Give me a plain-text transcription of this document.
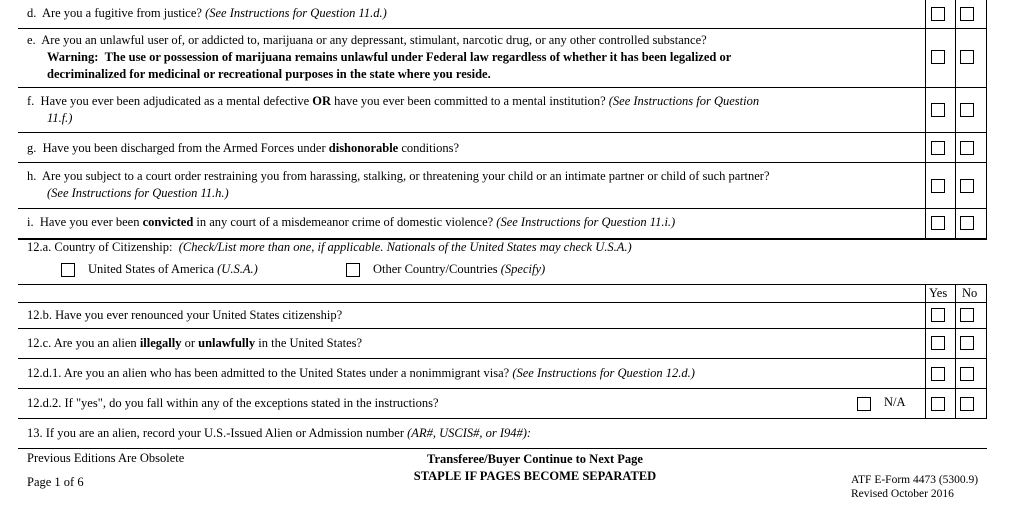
d. Are you a fugitive from justice? (See Instructions for Question 11.d.)
e. Are you an unlawful user of, or addicted to, marijuana or any depressant, stimulant, narcotic drug, or any other controlled substance?
Warning: The use or possession of marijuana remains unlawful under Federal law regardless of whether it has been legalized or
decriminalized for medicinal or recreational purposes in the state where you reside.
f. Have you ever been adjudicated as a mental defective OR have you ever been committed to a mental institution? (See Instructions for Question
11.f.)
g. Have you been discharged from the Armed Forces under dishonorable conditions?
h. Are you subject to a court order restraining you from harassing, stalking, or threatening your child or an intimate partner or child of such partner?
(See Instructions for Question 11.h.)
i. Have you ever been convicted in any court of a misdemeanor crime of domestic violence? (See Instructions for Question 11.i.)
12.a. Country of Citizenship: (Check/List more than one, if applicable. Nationals of the United States may check U.S.A.)
United States of America (U.S.A.)	Other Country/Countries (Specify)
Yes No
12.b. Have you ever renounced your United States citizenship?
12.c. Are you an alien illegally or unlawfully in the United States?
12.d.1. Are you an alien who has been admitted to the United States under a nonimmigrant visa? (See Instructions for Question 12.d.)
12.d.2. If "yes", do you fall within any of the exceptions stated in the instructions?	N/A
13. If you are an alien, record your U.S.-Issued Alien or Admission number (AR#, USCIS#, or I94#):
Previous Editions Are Obsolete
Page 1 of 6
Transferee/Buyer Continue to Next Page
STAPLE IF PAGES BECOME SEPARATED	ATF E-Form 4473 (5300.9)
Revised October 2016
